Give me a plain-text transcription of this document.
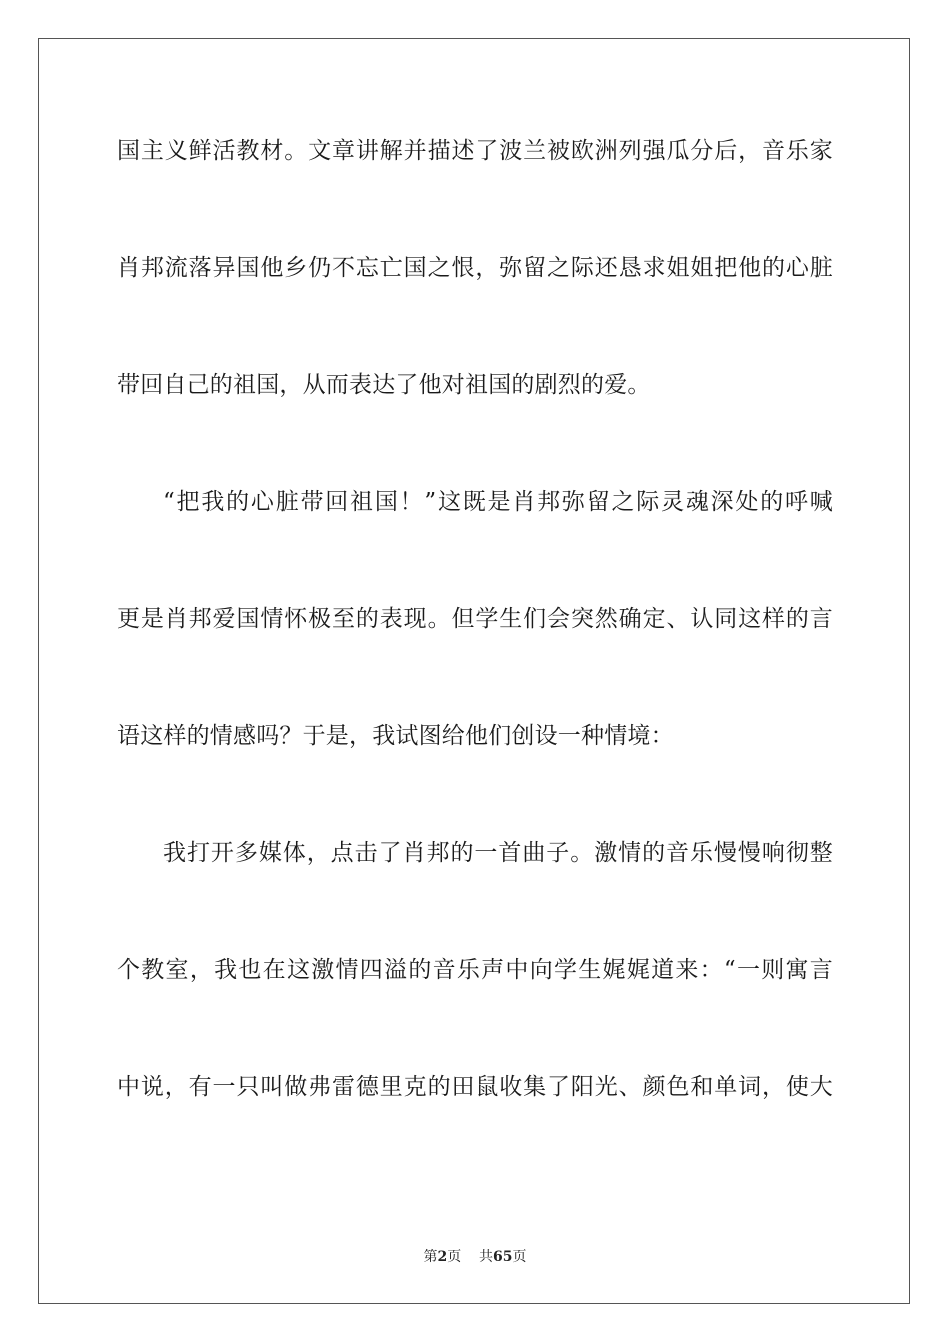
国主义鲜活教材。文章讲解并描述了波兰被欧洲列强瓜分后，音乐家
肖邦流落异国他乡仍不忘亡国之恨，弥留之际还恳求姐姐把他的心脏
带回自己的祖国，从而表达了他对祖国的剧烈的爱。
“把我的心脏带回祖国！”这既是肖邦弥留之际灵魂深处的呼喊
更是肖邦爱国情怀极至的表现。但学生们会突然确定、认同这样的言
语这样的情感吗？于是，我试图给他们创设一种情境：
我打开多媒体，点击了肖邦的一首曲子。激情的音乐慢慢响彻整
个教室，我也在这激情四溢的音乐声中向学生娓娓道来：“一则寓言
中说，有一只叫做弗雷德里克的田鼠收集了阳光、颜色和单词，使大
第2页 共65页
